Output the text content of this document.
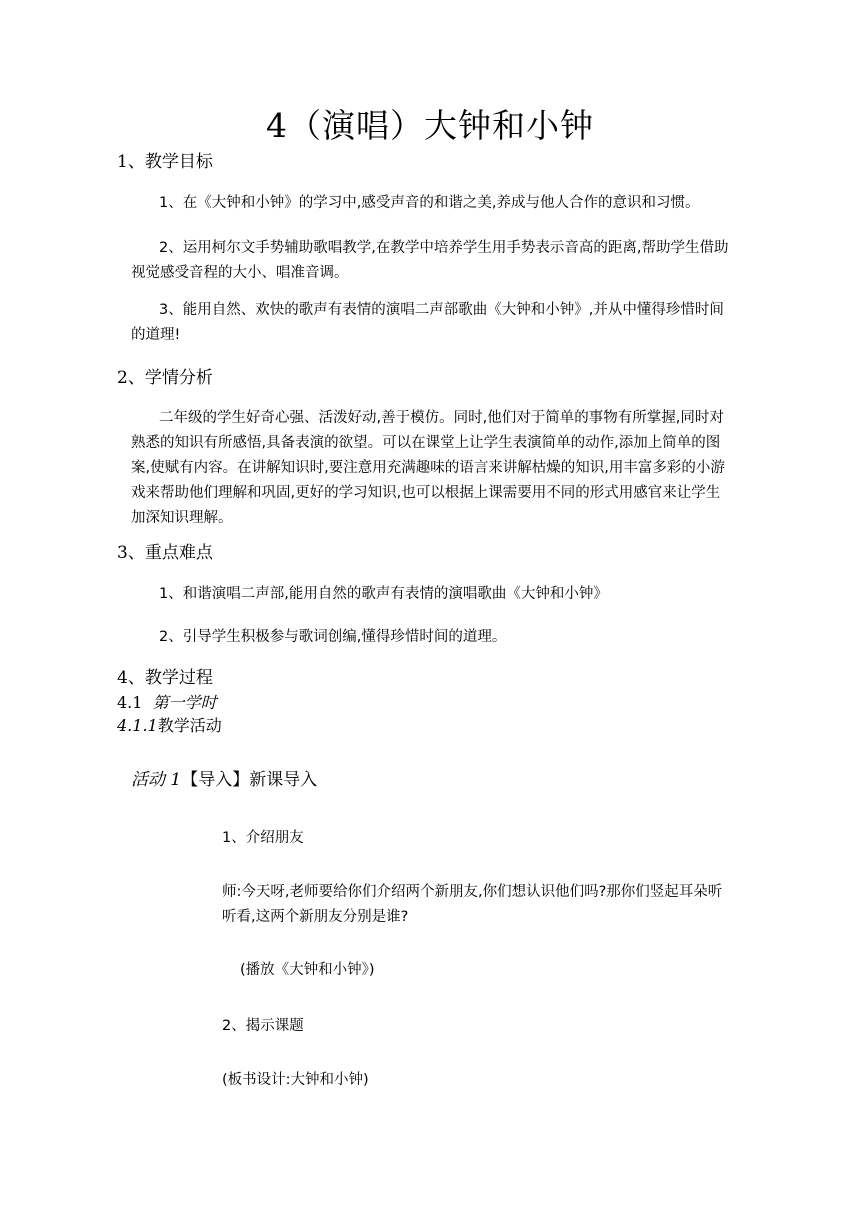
4（演唱）大钟和小钟
1、教学目标
1、在《大钟和小钟》的学习中,感受声音的和谐之美,养成与他人合作的意识和习惯。
2、运用柯尔文手势辅助歌唱教学,在教学中培养学生用手势表示音高的距离,帮助学生借助视觉感受音程的大小、唱准音调。
3、能用自然、欢快的歌声有表情的演唱二声部歌曲《大钟和小钟》,并从中懂得珍惜时间的道理!
2、学情分析
二年级的学生好奇心强、活泼好动,善于模仿。同时,他们对于简单的事物有所掌握,同时对熟悉的知识有所感悟,具备表演的欲望。可以在课堂上让学生表演简单的动作,添加上简单的图案,使赋有内容。在讲解知识时,要注意用充满趣味的语言来讲解枯燥的知识,用丰富多彩的小游戏来帮助他们理解和巩固,更好的学习知识,也可以根据上课需要用不同的形式用感官来让学生加深知识理解。
3、重点难点
1、和谐演唱二声部,能用自然的歌声有表情的演唱歌曲《大钟和小钟》
2、引导学生积极参与歌词创编,懂得珍惜时间的道理。
4、教学过程
4.1 第一学时
4.1.1教学活动
活动 1【导入】新课导入
1、介绍朋友
师:今天呀,老师要给你们介绍两个新朋友,你们想认识他们吗?那你们竖起耳朵听听看,这两个新朋友分别是谁?
(播放《大钟和小钟》)
2、揭示课题
(板书设计:大钟和小钟)
